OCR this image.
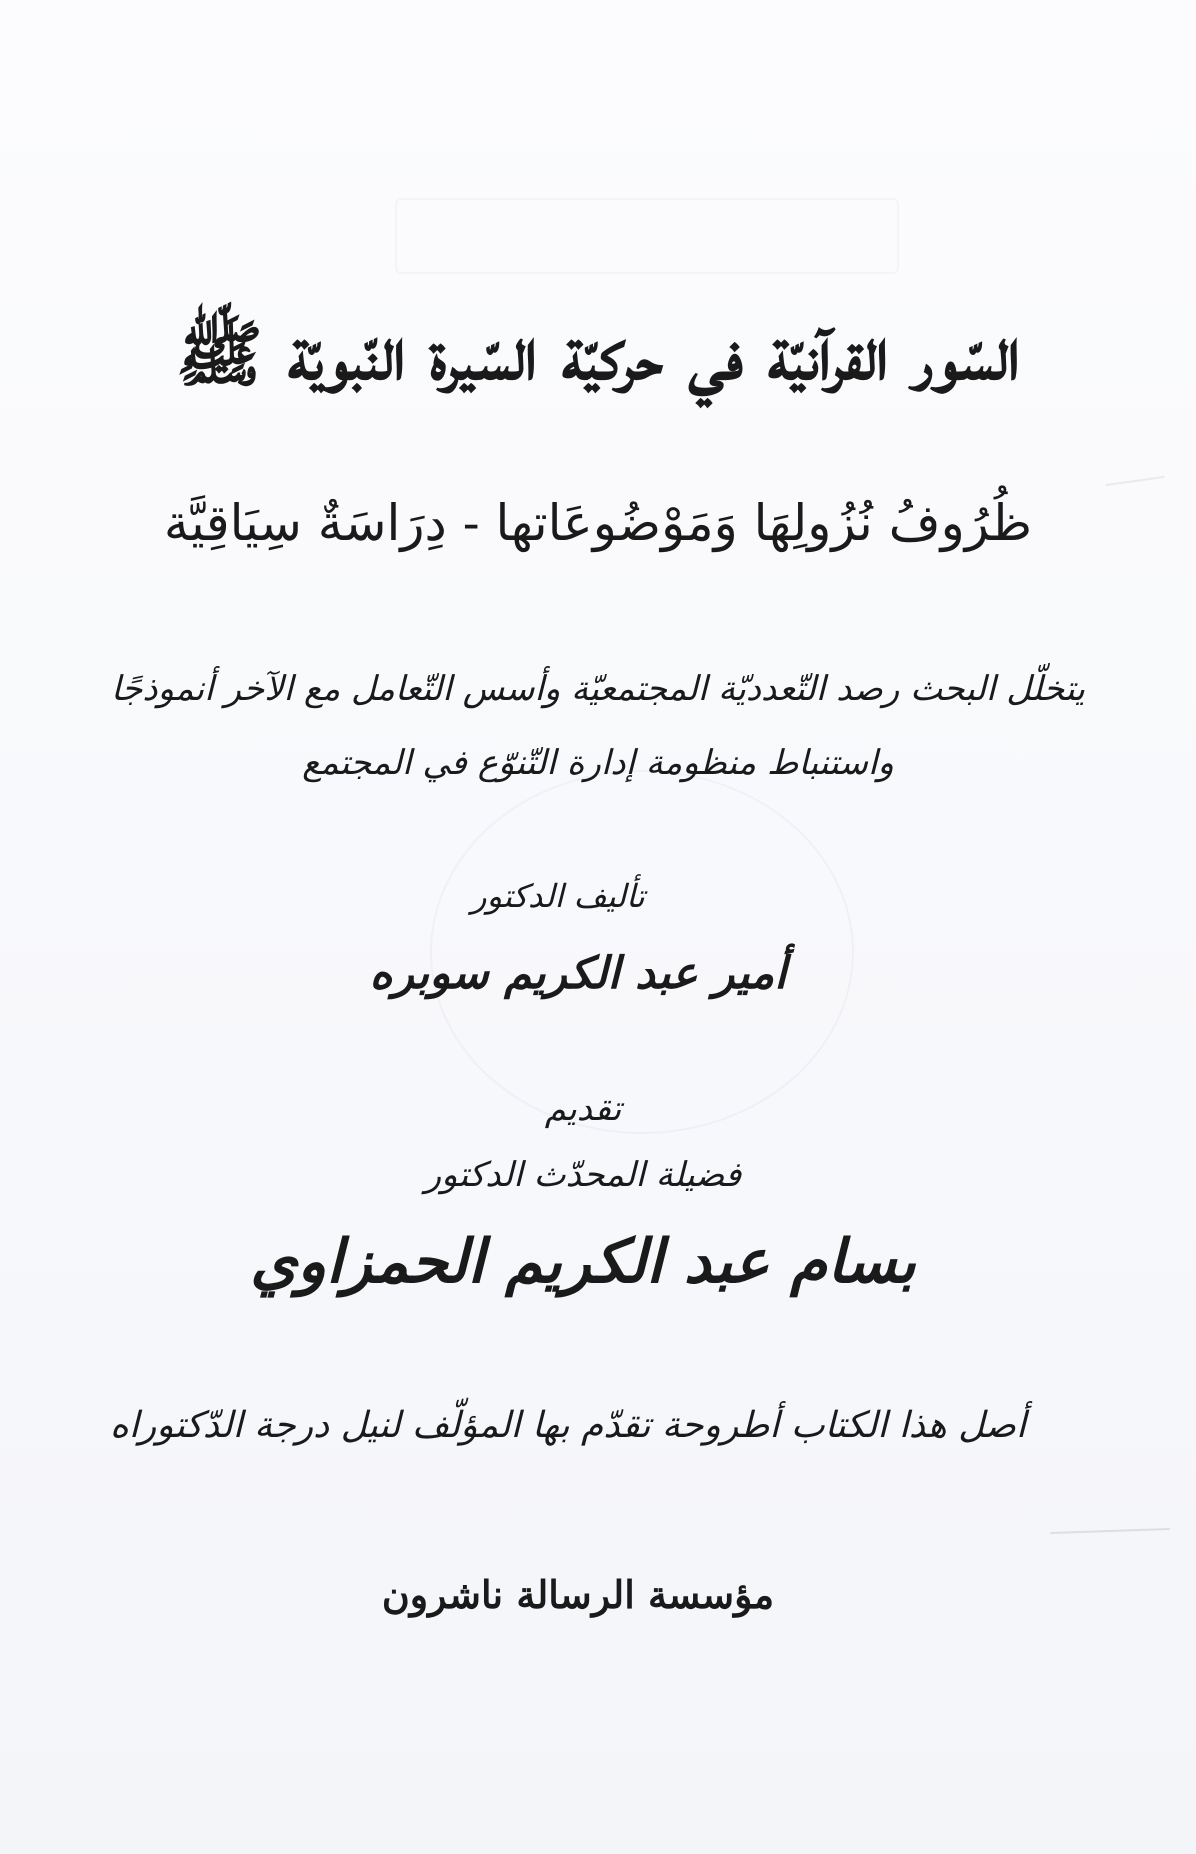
السّور القرآنيّة في حركيّة السّيرة النّبويّة ﷺ
ظُرُوفُ نُزُولِهَا وَمَوْضُوعَاتها - دِرَاسَةٌ سِيَاقِيَّة
يتخلّل البحث رصد التّعدديّة المجتمعيّة وأسس التّعامل مع الآخر أنموذجًا
واستنباط منظومة إدارة التّنوّع في المجتمع
تأليف الدكتور
أمير عبد الكريم سوبره
تقديم
فضيلة المحدّث الدكتور
بسام عبد الكريم الحمزاوي
أصل هذا الكتاب أطروحة تقدّم بها المؤلّف لنيل درجة الدّكتوراه
مؤسسة الرسالة ناشرون
